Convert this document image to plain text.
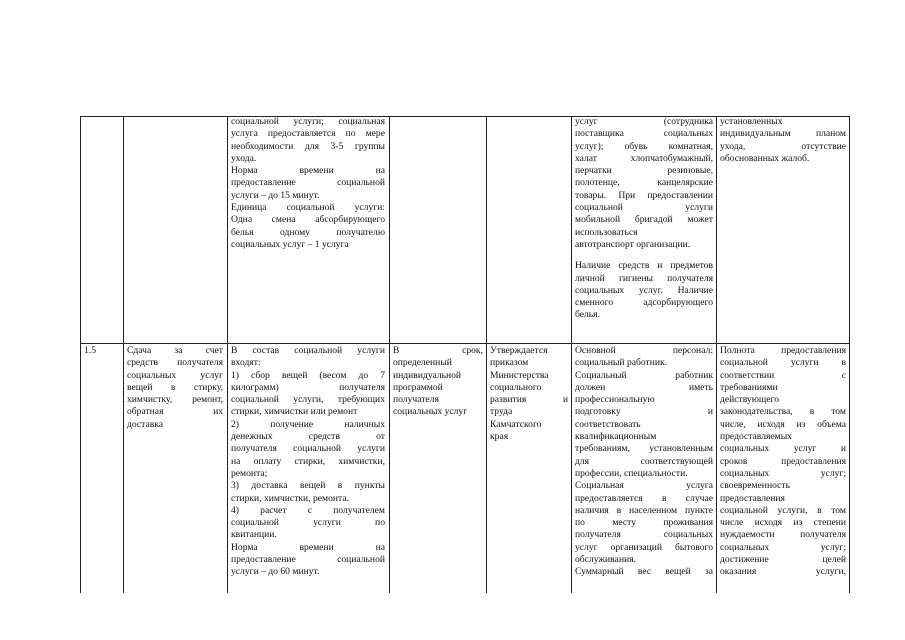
социальной услуги; социальная

услуга предоставляется по мере

необходимости для 3-5 группы

ухода.

Норма времени на

предоставление социальной

услуги – до 15 минут.

Единица социальной услуги:

Одна смена абсорбирующего

белья одному получателю

социальных услуг – 1 услуга

услуг (сотрудника

поставщика социальных

услуг); обувь комнатная,

халат хлопчатобумажный,

перчатки резиновые,

полотенце, канцелярские

товары. При предоставлении

социальной услуги

мобильной бригадой может

использоваться

автотранспорт организации.

Наличие средств и предметов

личной гигиены получателя

социальных услуг. Наличие

сменного адсорбирующего

белья.

установленных

индивидуальным планом

ухода, отсутствие

обоснованных жалоб.

1.5	Сдача за счет

средств получателя

социальных услуг

вещей в стирку,

химчистку, ремонт,

обратная их

доставка

В состав социальной услуги

входят:

1) сбор вещей (весом до 7

килограмм) получателя

социальной услуги, требующих

стирки, химчистки или ремонт

2) получение наличных

денежных средств от

получателя социальной услуги

на оплату стирки, химчистки,

ремонта;

3) доставка вещей в пункты

стирки, химчистки, ремонта.

4) расчет с получателем

социальной услуги по

квитанции.

Норма времени на

предоставление социальной

услуги – до 60 минут.

В срок,

определенный

индивидуальной

программой

получателя

социальных услуг

Утверждается

приказом

Министерства

социального

развития и

труда

Камчатского

края

Основной персонал:

социальный работник.

Социальный работник

должен иметь

профессиональную

подготовку и

соответствовать

квалификационным

требованиям, установленным

для соответствующей

профессии, специальности.

Социальная услуга

предоставляется в случае

наличия в населенном пункте

по месту проживания

получателя социальных

услуг организаций бытового

обслуживания.

Суммарный вес вещей за

Полнота предоставления

социальной услуги в

соответствии с

требованиями

действующего

законодательства, в том

числе, исходя из объема

предоставляемых

социальных услуг и

сроков предоставления

социальных услуг;

своевременность

предоставления

социальной услуги, в том

числе исходя из степени

нуждаемости получателя

социальных услуг;

достижение целей

оказания услуги,
